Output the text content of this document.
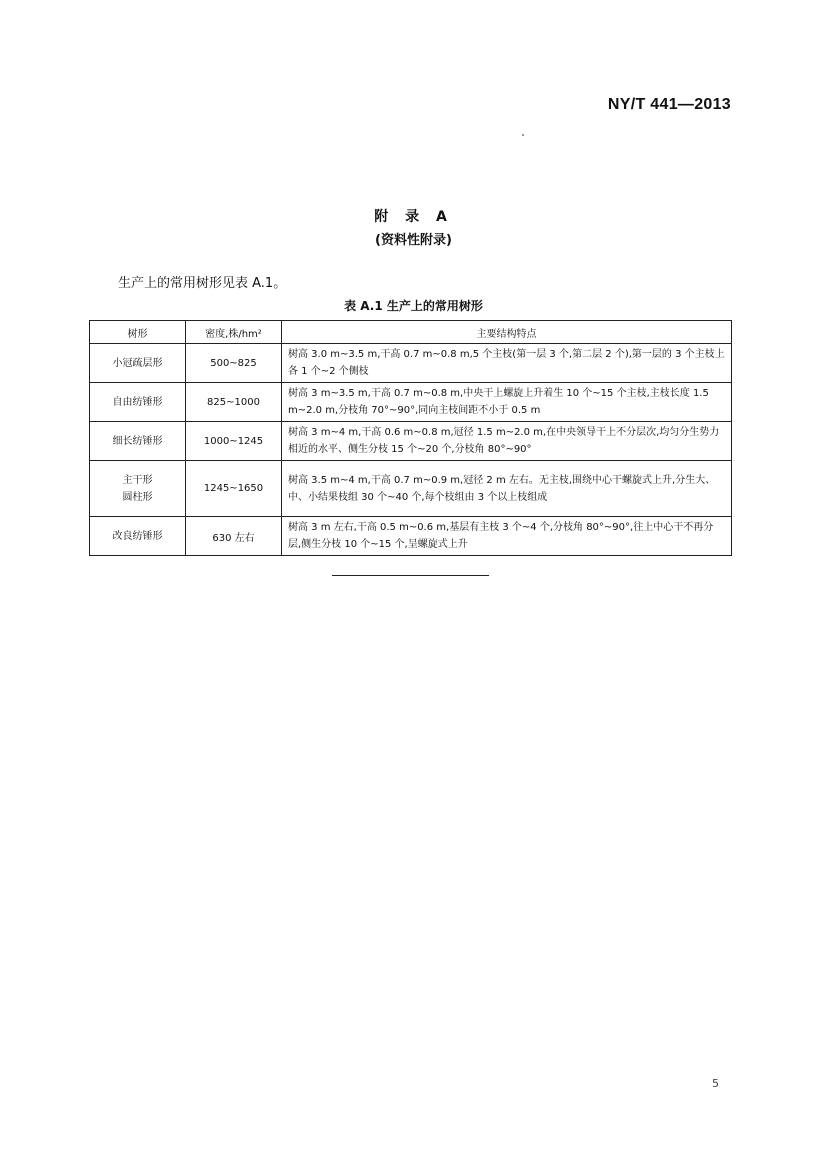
NY/T 441—2013
附 录 A
(资料性附录)
生产上的常用树形见表 A.1。
表 A.1 生产上的常用树形
树形	密度,株/hm²	主要结构特点

小冠疏层形	500~825	树高 3.0 m~3.5 m,干高 0.7 m~0.8 m,5 个主枝(第一层 3 个,第二层 2 个),第一层的 3 个主枝上各 1 个~2 个侧枝

自由纺锤形	825~1000	树高 3 m~3.5 m,干高 0.7 m~0.8 m,中央干上螺旋上升着生 10 个~15 个主枝,主枝长度 1.5 m~2.0 m,分枝角 70°~90°,同向主枝间距不小于 0.5 m

细长纺锤形	1000~1245	树高 3 m~4 m,干高 0.6 m~0.8 m,冠径 1.5 m~2.0 m,在中央领导干上不分层次,均匀分生势力相近的水平、侧生分枝 15 个~20 个,分枝角 80°~90°

主干形
圆柱形	1245~1650	树高 3.5 m~4 m,干高 0.7 m~0.9 m,冠径 2 m 左右。无主枝,围绕中心干螺旋式上升,分生大、中、小结果枝组 30 个~40 个,每个枝组由 3 个以上枝组成

改良纺锤形	630 左右	树高 3 m 左右,干高 0.5 m~0.6 m,基层有主枝 3 个~4 个,分枝角 80°~90°,往上中心干不再分层,侧生分枝 10 个~15 个,呈螺旋式上升
5
